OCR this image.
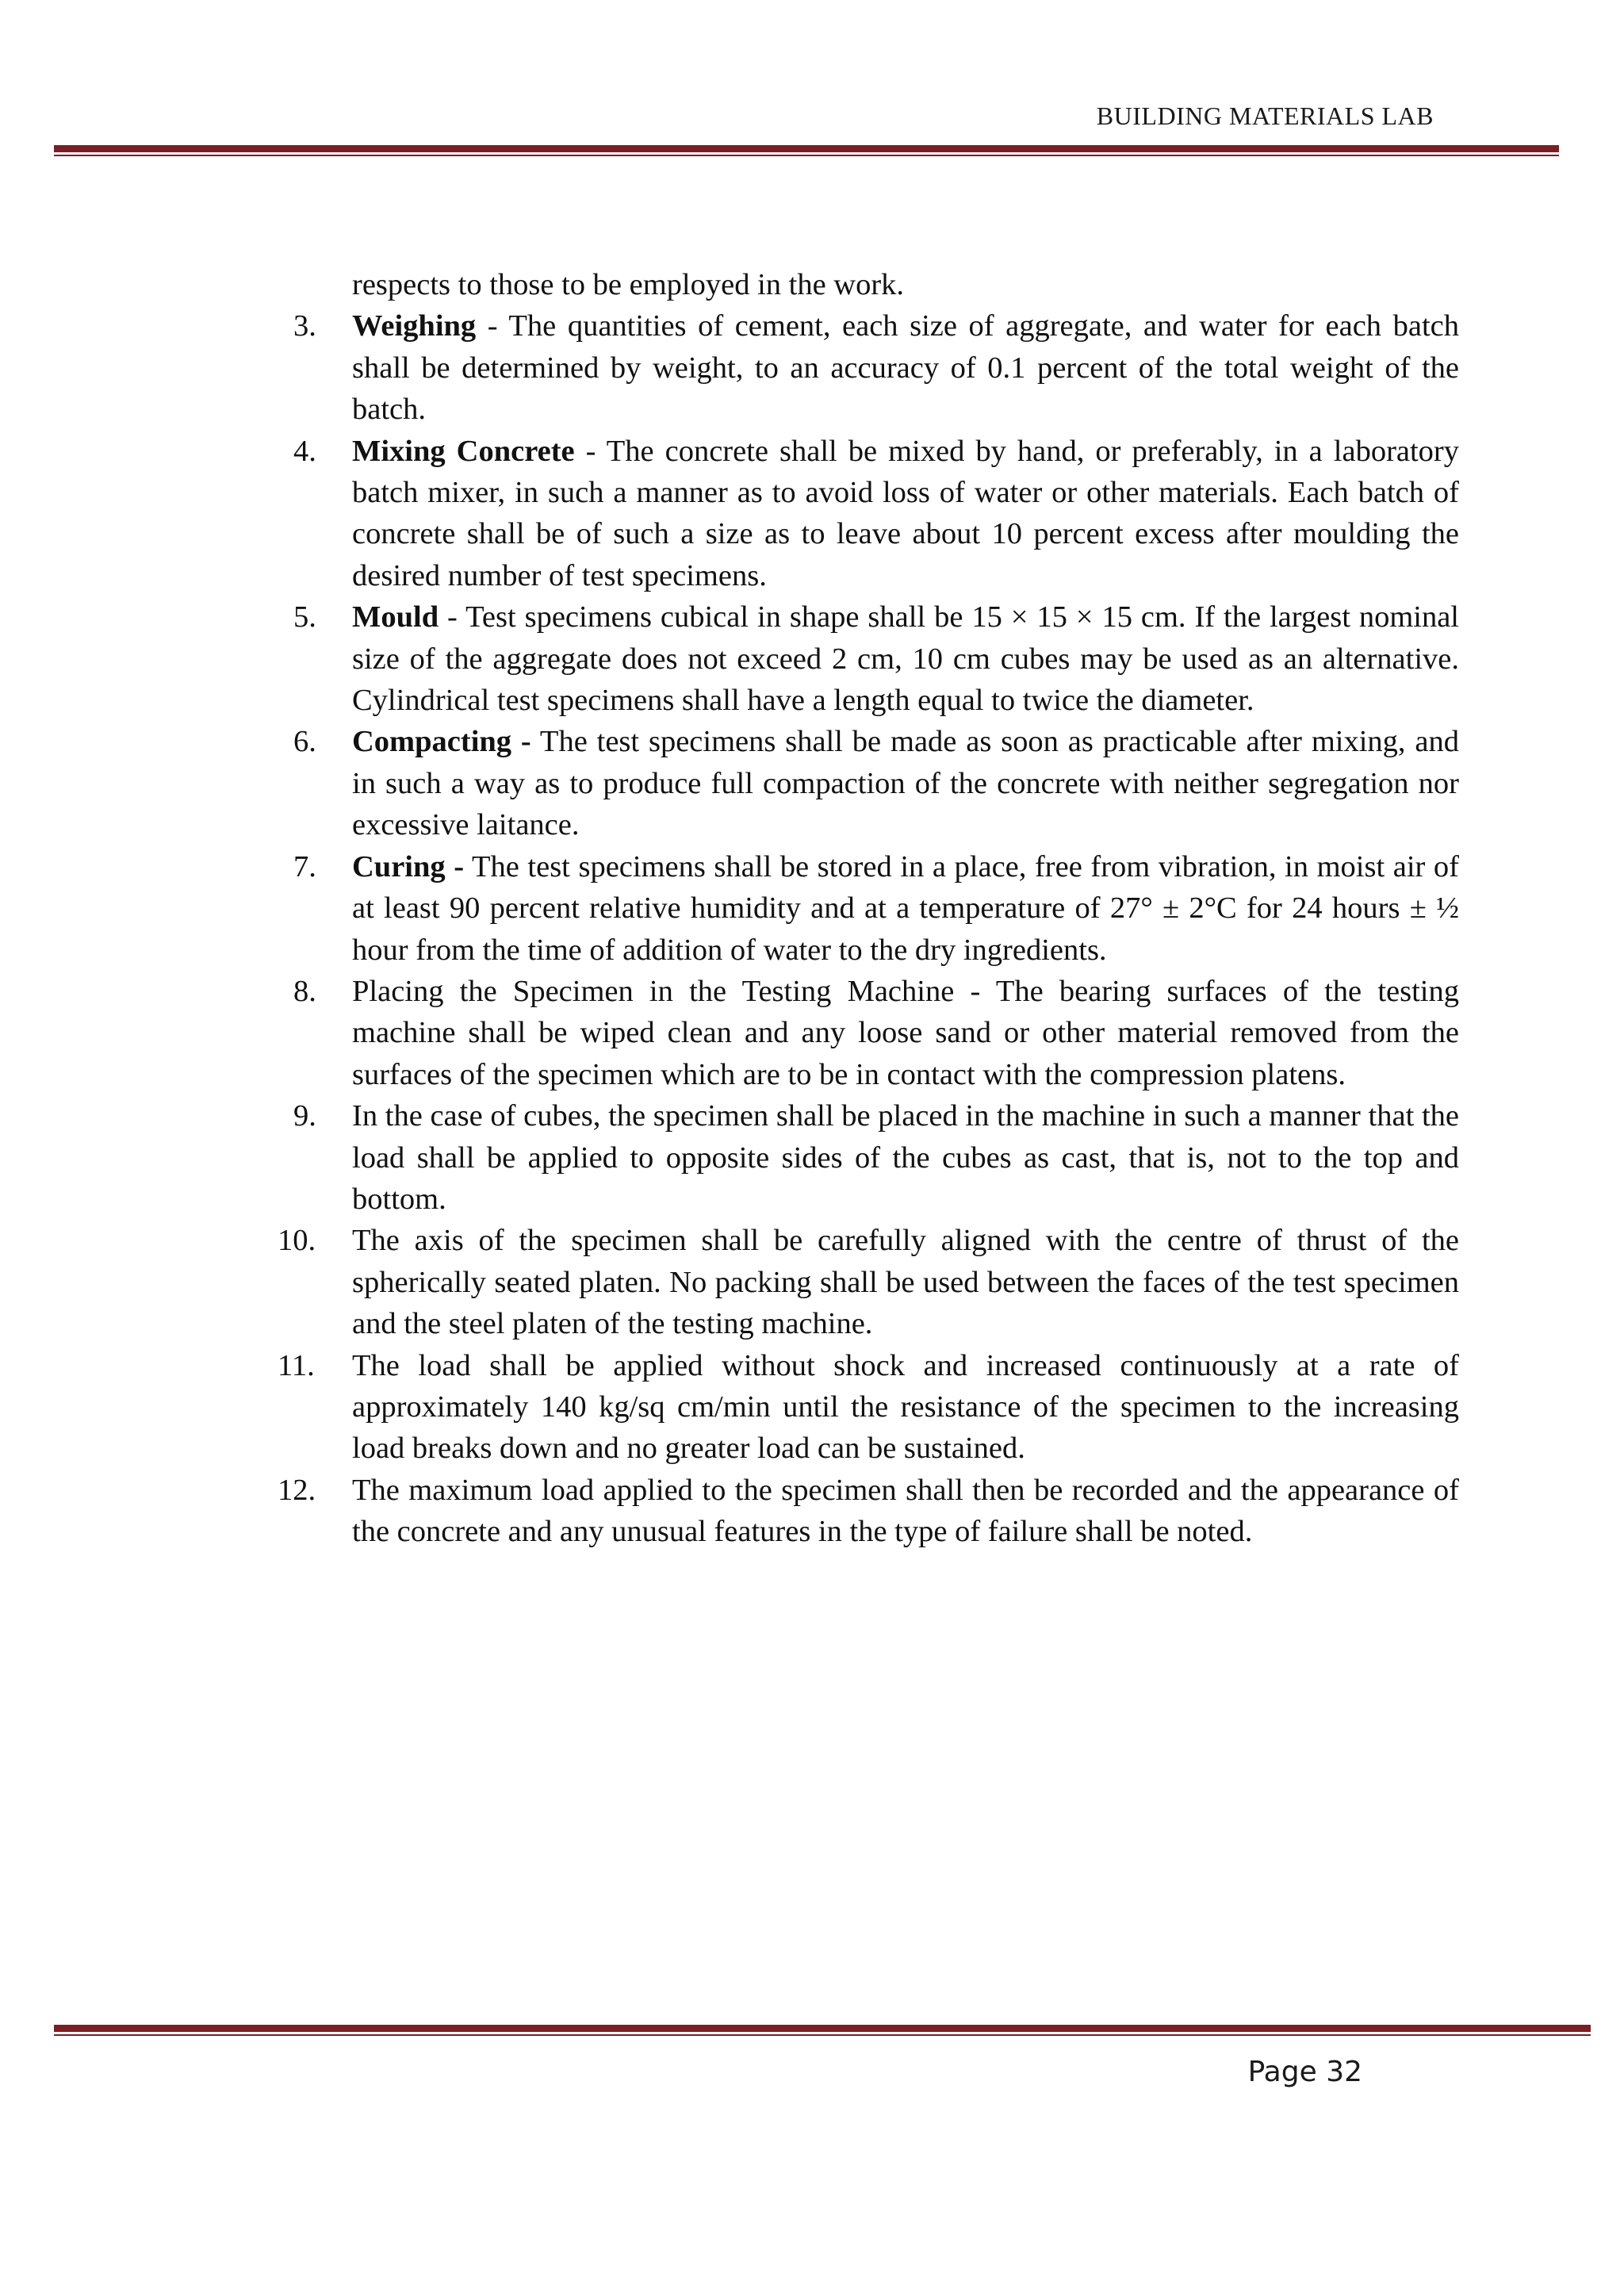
BUILDING MATERIALS LAB
respects to those to be employed in the work.
3.	Weighing - The quantities of cement, each size of aggregate, and water for each batch shall be determined by weight, to an accuracy of 0.1 percent of the total weight of the batch.
4.	Mixing Concrete - The concrete shall be mixed by hand, or preferably, in a laboratory batch mixer, in such a manner as to avoid loss of water or other materials. Each batch of concrete shall be of such a size as to leave about 10 percent excess after moulding the desired number of test specimens.
5.	Mould - Test specimens cubical in shape shall be 15 × 15 × 15 cm. If the largest nominal size of the aggregate does not exceed 2 cm, 10 cm cubes may be used as an alternative. Cylindrical test specimens shall have a length equal to twice the diameter.
6.	Compacting - The test specimens shall be made as soon as practicable after mixing, and in such a way as to produce full compaction of the concrete with neither segregation nor excessive laitance.
7.	Curing - The test specimens shall be stored in a place, free from vibration, in moist air of at least 90 percent relative humidity and at a temperature of 27° ± 2°C for 24 hours ± ½ hour from the time of addition of water to the dry ingredients.
8.	Placing the Specimen in the Testing Machine - The bearing surfaces of the testing machine shall be wiped clean and any loose sand or other material removed from the surfaces of the specimen which are to be in contact with the compression platens.
9.	In the case of cubes, the specimen shall be placed in the machine in such a manner that the load shall be applied to opposite sides of the cubes as cast, that is, not to the top and bottom.
10.	The axis of the specimen shall be carefully aligned with the centre of thrust of the spherically seated platen. No packing shall be used between the faces of the test specimen and the steel platen of the testing machine.
11.	The load shall be applied without shock and increased continuously at a rate of approximately 140 kg/sq cm/min until the resistance of the specimen to the increasing load breaks down and no greater load can be sustained.
12.	The maximum load applied to the specimen shall then be recorded and the appearance of the concrete and any unusual features in the type of failure shall be noted.
Page 32
